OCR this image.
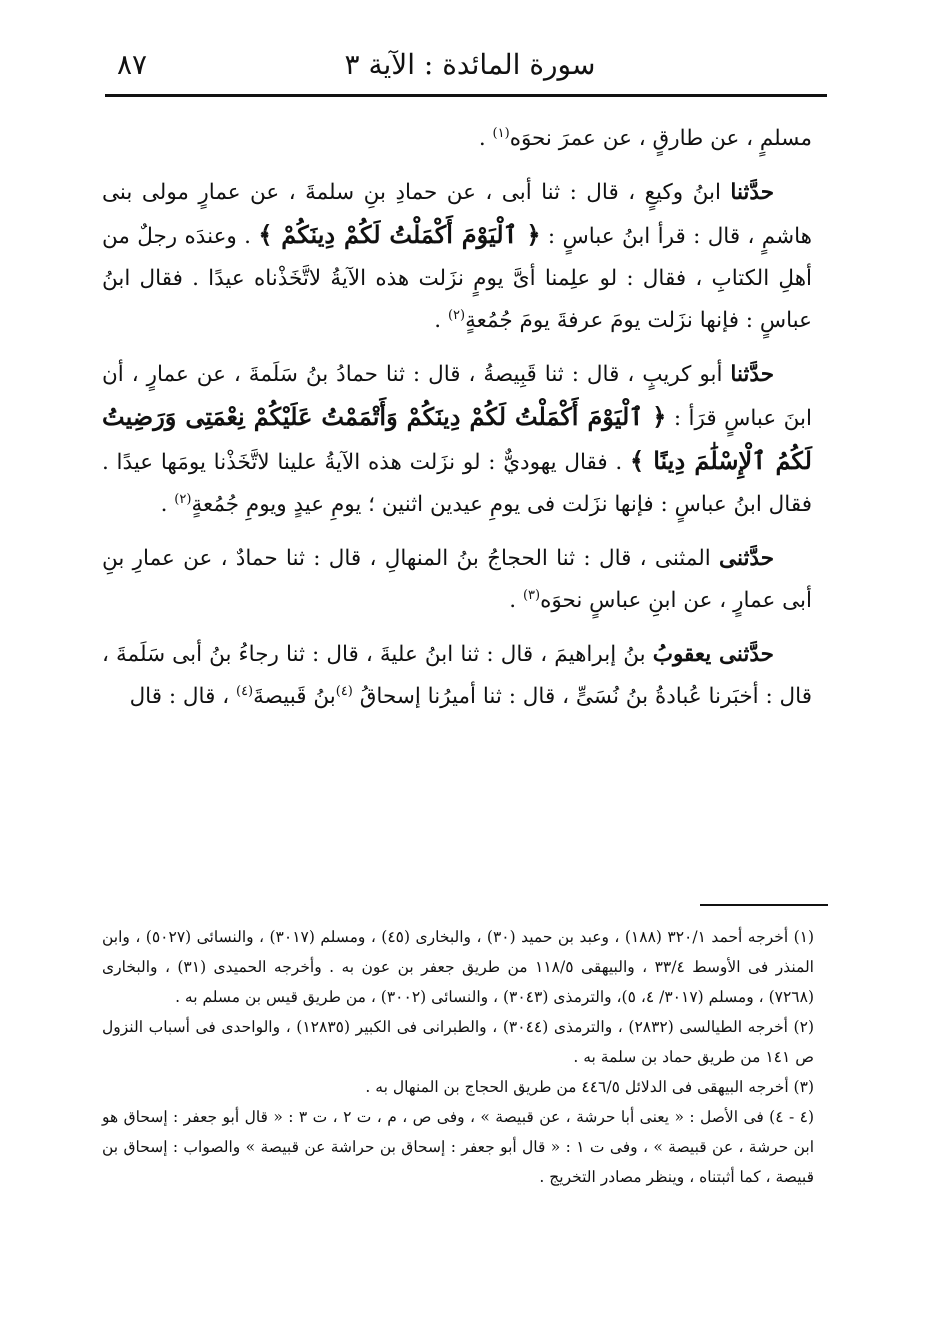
٨٧	سورة المائدة : الآية ٣

مسلمٍ ، عن طارقٍ ، عن عمرَ نحوَه$^{(١)}$ .

حدَّثنا ابنُ وكيعٍ ، قال : ثنا أبى ، عن حمادِ بنِ سلمةَ ، عن عمارٍ مولى بنى هاشمٍ ، قال : قرأ ابنُ عباسٍ : ﴿ ٱلْيَوْمَ أَكْمَلْتُ لَكُمْ دِينَكُمْ ﴾ . وعندَه رجلٌ من أهلِ الكتابِ ، فقال : لو علِمنا أىَّ يومٍ نزَلت هذه الآيةُ لاتَّخَذْناه عيدًا . فقال ابنُ عباسٍ : فإنها نزَلت يومَ عرفةَ يومَ جُمُعةٍ$^{(٢)}$ .

حدَّثنا أبو كريبٍ ، قال : ثنا قَبِيصةُ ، قال : ثنا حمادُ بنُ سَلَمةَ ، عن عمارٍ ، أن ابنَ عباسٍ قرَأ : ﴿ ٱلْيَوْمَ أَكْمَلْتُ لَكُمْ دِينَكُمْ وَأَتْمَمْتُ عَلَيْكُمْ نِعْمَتِى وَرَضِيتُ لَكُمُ ٱلْإِسْلَٰمَ دِينًا ﴾ . فقال يهوديٌّ : لو نزَلت هذه الآيةُ علينا لاتَّخَذْنا يومَها عيدًا . فقال ابنُ عباسٍ : فإنها نزَلت فى يومِ عيدين اثنين ؛ يومِ عيدٍ ويومِ جُمُعةٍ$^{(٢)}$ .

حدَّثنى المثنى ، قال : ثنا الحجاجُ بنُ المنهالِ ، قال : ثنا حمادٌ ، عن عمارِ بنِ أبى عمارٍ ، عن ابنِ عباسٍ نحوَه$^{(٣)}$ .

حدَّثنى يعقوبُ بنُ إبراهيمَ ، قال : ثنا ابنُ عليةَ ، قال : ثنا رجاءُ بنُ أبى سَلَمةَ ، قال : أخبَرنا عُبادةُ بنُ نُسَىٍّ ، قال : ثنا أميرُنا إسحاقُ $^{(٤)}$بنُ قَبيصةَ$^{(٤)}$ ، قال : قال

(١) أخرجه أحمد ٣٢٠/١ (١٨٨) ، وعبد بن حميد (٣٠) ، والبخارى (٤٥) ، ومسلم (٣٠١٧) ، والنسائى (٥٠٢٧) ، وابن المنذر فى الأوسط ٣٣/٤ ، والبيهقى ١١٨/٥ من طريق جعفر بن عون به . وأخرجه الحميدى (٣١) ، والبخارى (٧٢٦٨) ، ومسلم (٣٠١٧/ ٤، ٥)، والترمذى (٣٠٤٣) ، والنسائى (٣٠٠٢) ، من طريق قيس بن مسلم به .

(٢) أخرجه الطيالسى (٢٨٣٢) ، والترمذى (٣٠٤٤) ، والطبرانى فى الكبير (١٢٨٣٥) ، والواحدى فى أسباب النزول ص ١٤١ من طريق حماد بن سلمة به .

(٣) أخرجه البيهقى فى الدلائل ٤٤٦/٥ من طريق الحجاج بن المنهال به .

(٤ - ٤) فى الأصل : « يعنى أبا حرشة ، عن قبيصة » ، وفى ص ، م ، ت ٢ ، ت ٣ : « قال أبو جعفر : إسحاق هو ابن حرشة ، عن قبيصة » ، وفى ت ١ : « قال أبو جعفر : إسحاق بن حراشة عن قبيصة » والصواب : إسحاق بن قبيصة ، كما أثبتناه ، وينظر مصادر التخريج .
